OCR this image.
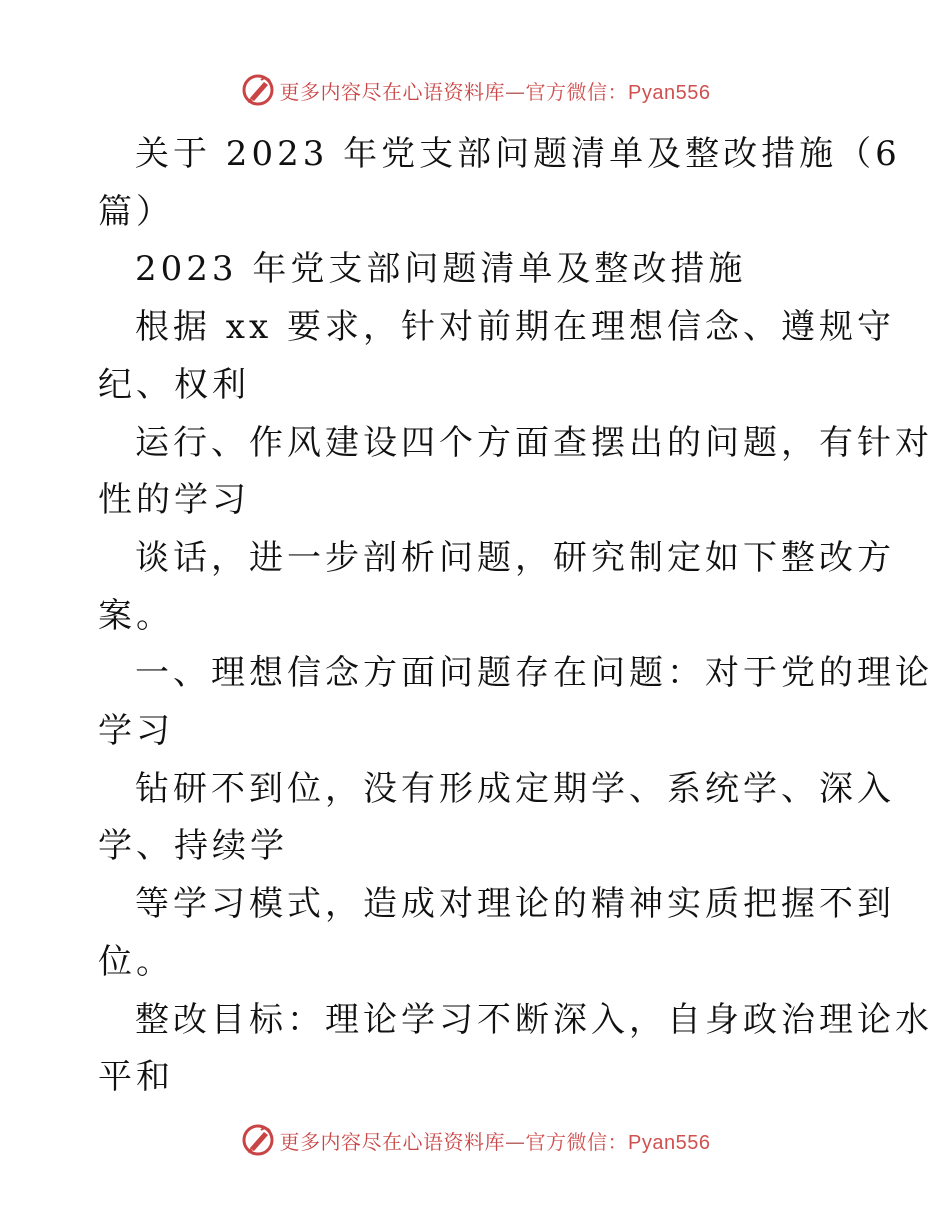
更多内容尽在心语资料库—官方微信：Pyan556
关于 2023 年党支部问题清单及整改措施（6
篇）
2023 年党支部问题清单及整改措施
根据 xx 要求，针对前期在理想信念、遵规守
纪、权利
运行、作风建设四个方面查摆出的问题，有针对
性的学习
谈话，进一步剖析问题，研究制定如下整改方
案。
一、理想信念方面问题存在问题：对于党的理论
学习
钻研不到位，没有形成定期学、系统学、深入
学、持续学
等学习模式，造成对理论的精神实质把握不到
位。
整改目标：理论学习不断深入，自身政治理论水
平和
更多内容尽在心语资料库—官方微信：Pyan556
